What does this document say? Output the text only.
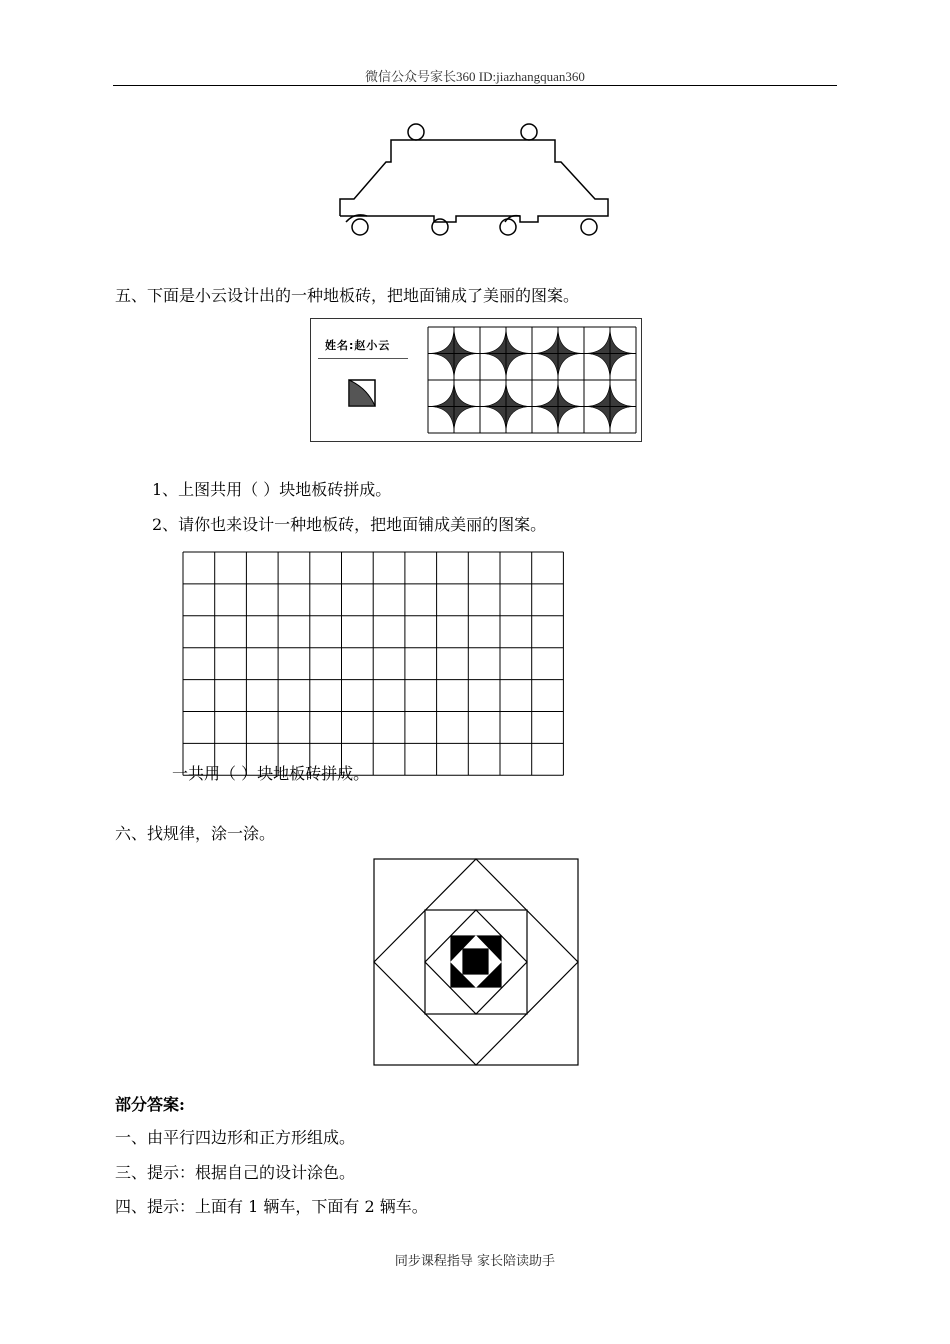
微信公众号家长360 ID:jiazhangquan360
五、下面是小云设计出的一种地板砖，把地面铺成了美丽的图案。
姓名:赵小云
1、上图共用（ ）块地板砖拼成。
2、请你也来设计一种地板砖，把地面铺成美丽的图案。
一共用（ ）块地板砖拼成。
六、找规律，涂一涂。
部分答案:
一、由平行四边形和正方形组成。
三、提示：根据自己的设计涂色。
四、提示：上面有 1 辆车，下面有 2 辆车。
同步课程指导 家长陪读助手
